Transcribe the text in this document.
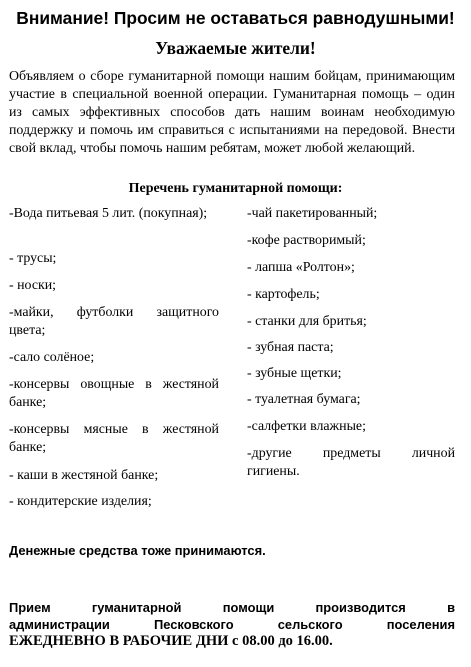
Внимание! Просим не оставаться равнодушными!
Уважаемые жители!

Объявляем о сборе гуманитарной помощи нашим бойцам, принимающим участие в специальной военной операции. Гуманитарная помощь – один из самых эффективных способов дать нашим воинам необходимую поддержку и помочь им справиться с испытаниями на передовой. Внести свой вклад, чтобы помочь нашим ребятам, может любой желающий.

Перечень гуманитарной помощи:
-Вода питьевая 5 лит. (покупная);
- трусы;
- носки;
-майки, футболки защитного цвета;
-сало солёное;
-консервы овощные в жестяной банке;
-консервы мясные в жестяной банке;
- каши в жестяной банке;
- кондитерские изделия;
-чай пакетированный;
-кофе растворимый;
- лапша «Ролтон»;
- картофель;
- станки для бритья;
- зубная паста;
- зубные щетки;
- туалетная бумага;
-салфетки влажные;
-другие предметы личной гигиены.
Денежные средства тоже принимаются.
Прием гуманитарной помощи производится в
администрации Песковского сельского поселения
ЕЖЕДНЕВНО В РАБОЧИЕ ДНИ с 08.00 до 16.00.
